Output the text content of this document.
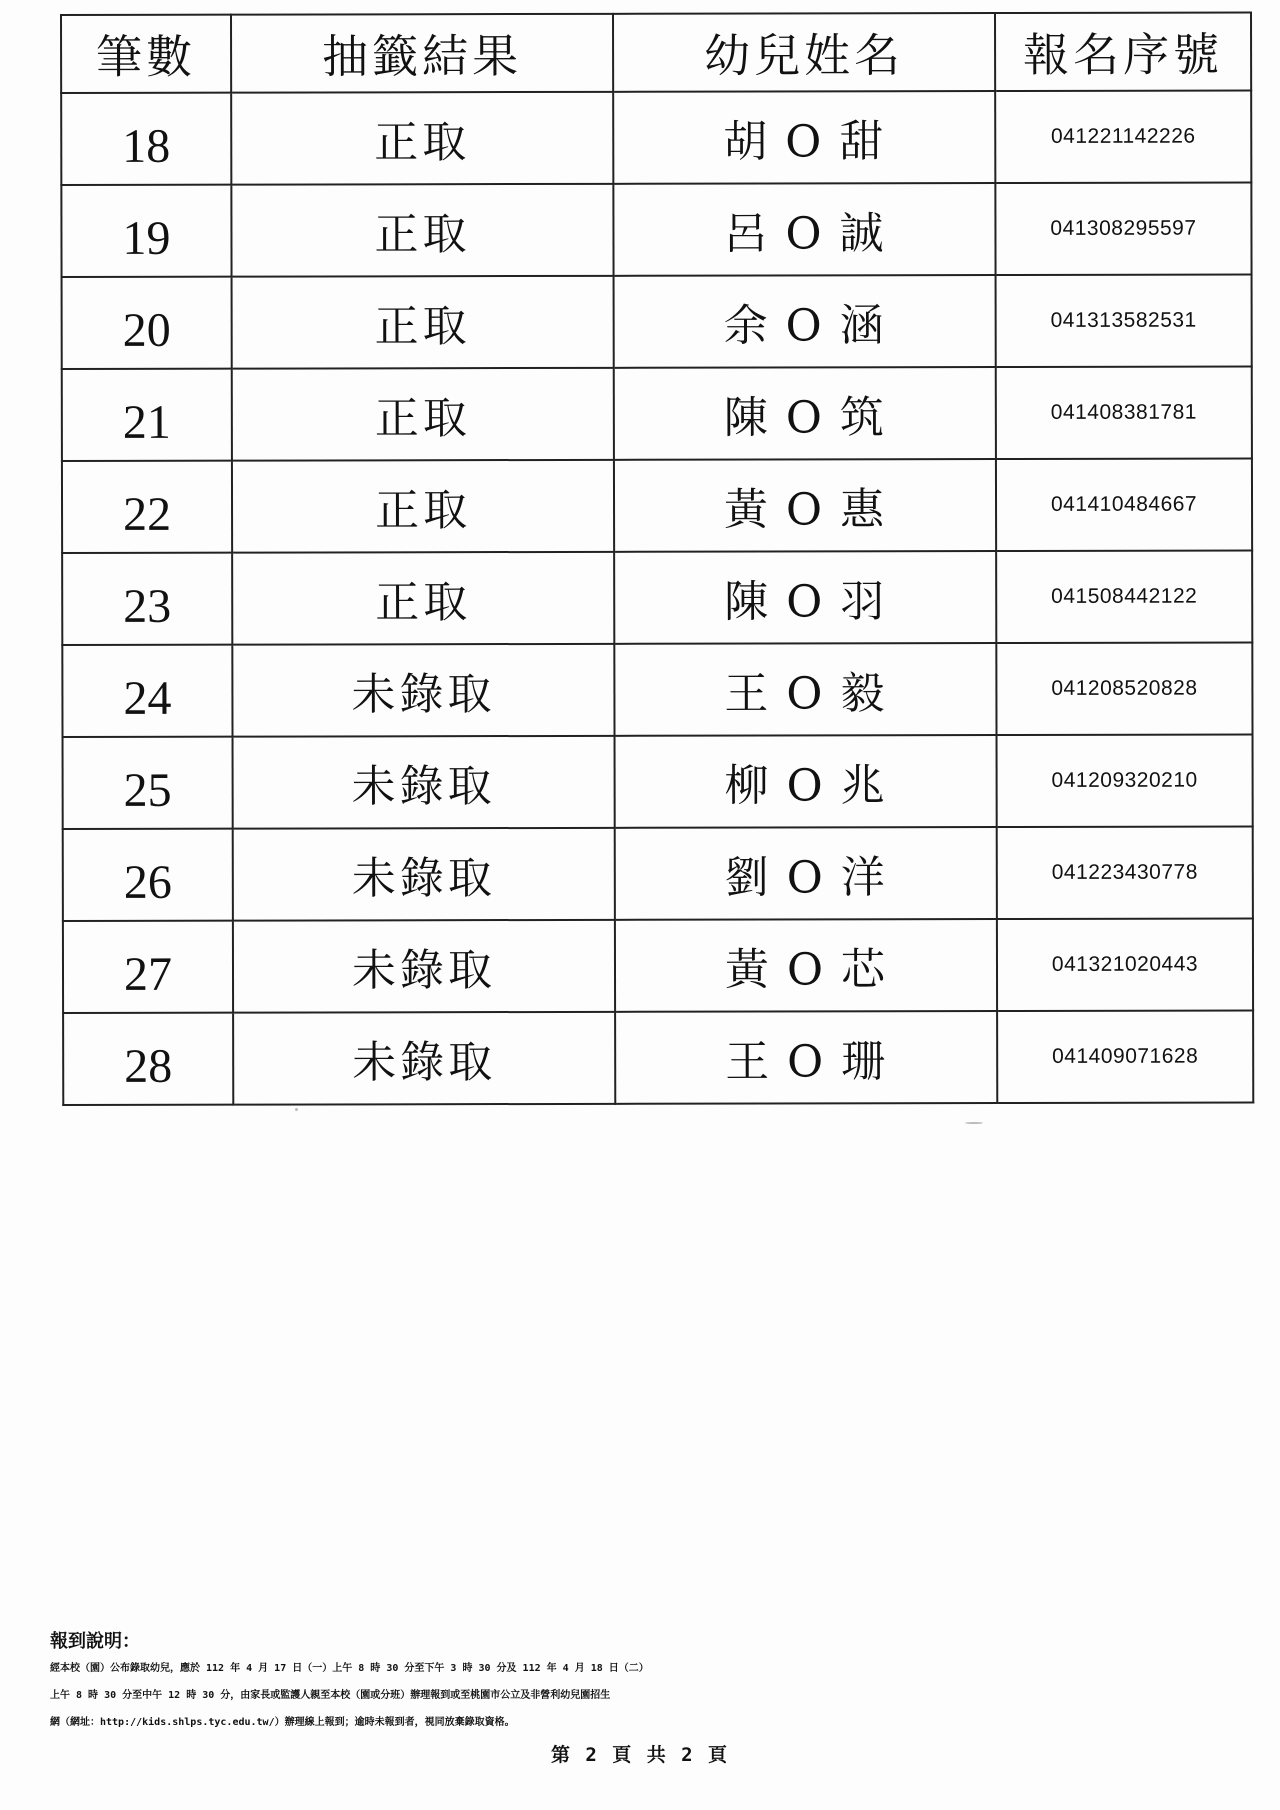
筆數	抽籤結果	幼兒姓名	報名序號
18	正取	胡 O 甜	041221142226
19	正取	呂 O 誠	041308295597
20	正取	余 O 涵	041313582531
21	正取	陳 O 筑	041408381781
22	正取	黃 O 惠	041410484667
23	正取	陳 O 羽	041508442122
24	未錄取	王 O 毅	041208520828
25	未錄取	柳 O 兆	041209320210
26	未錄取	劉 O 洋	041223430778
27	未錄取	黃 O 芯	041321020443
28	未錄取	王 O 珊	041409071628
報到說明：
經本校（園）公布錄取幼兒，應於 112 年 4 月 17 日（一）上午 8 時 30 分至下午 3 時 30 分及 112 年 4 月 18 日（二）
上午 8 時 30 分至中午 12 時 30 分，由家長或監護人親至本校（園或分班）辦理報到或至桃園市公立及非營利幼兒園招生
網（網址：http://kids.shlps.tyc.edu.tw/）辦理線上報到；逾時未報到者，視同放棄錄取資格。
第 2 頁 共 2 頁
